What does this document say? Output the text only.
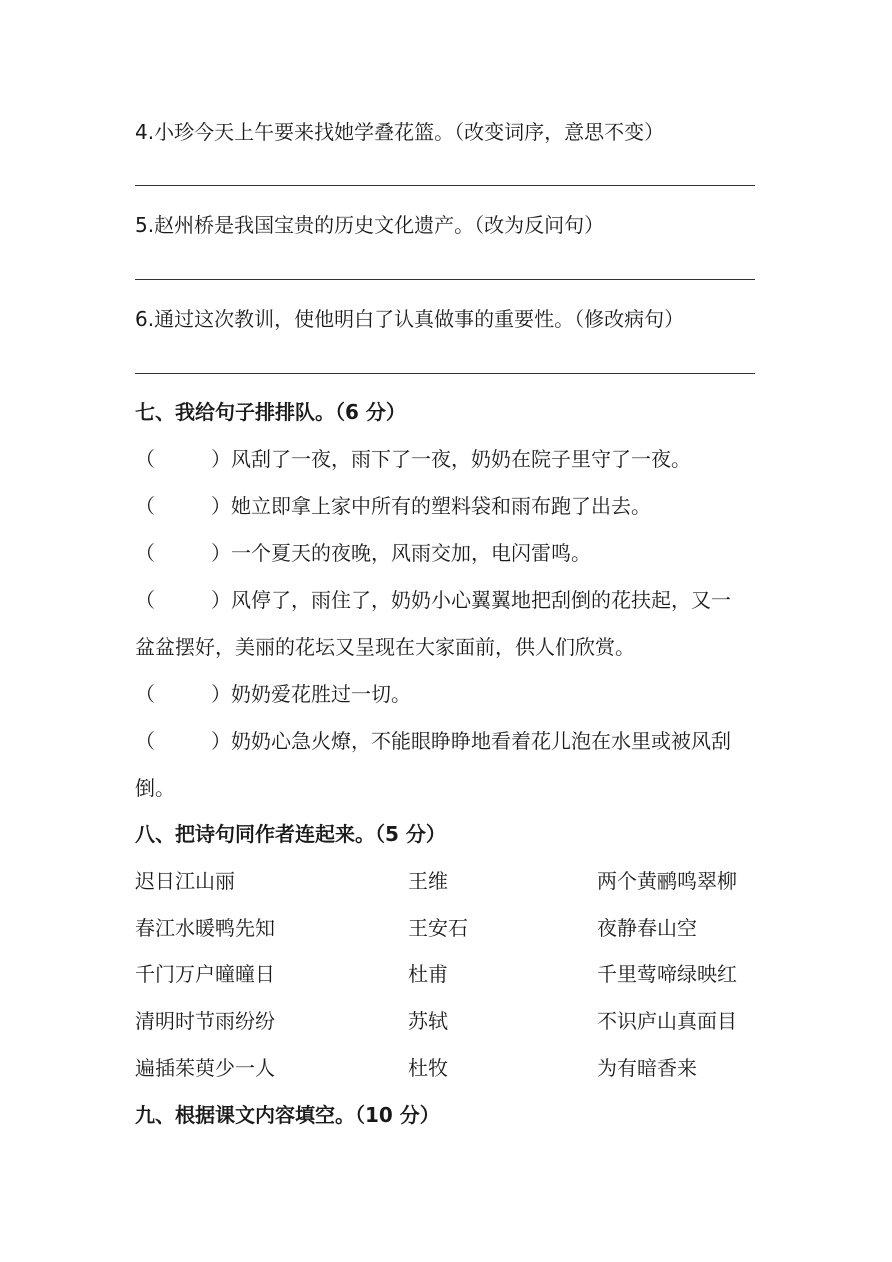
4.小珍今天上午要来找她学叠花篮。（改变词序，意思不变）
5.赵州桥是我国宝贵的历史文化遗产。（改为反问句）
6.通过这次教训，使他明白了认真做事的重要性。（修改病句）
七、我给句子排排队。（6 分）
（	）风刮了一夜，雨下了一夜，奶奶在院子里守了一夜。
（	）她立即拿上家中所有的塑料袋和雨布跑了出去。
（	）一个夏天的夜晚，风雨交加，电闪雷鸣。
（	）风停了，雨住了，奶奶小心翼翼地把刮倒的花扶起，又一
盆盆摆好，美丽的花坛又呈现在大家面前，供人们欣赏。
（	）奶奶爱花胜过一切。
（	）奶奶心急火燎，不能眼睁睁地看着花儿泡在水里或被风刮
倒。
八、把诗句同作者连起来。（5 分）
迟日江山丽	王维	两个黄鹂鸣翠柳
春江水暖鸭先知	王安石	夜静春山空
千门万户曈曈日	杜甫	千里莺啼绿映红
清明时节雨纷纷	苏轼	不识庐山真面目
遍插茱萸少一人	杜牧	为有暗香来
九、根据课文内容填空。（10 分）
